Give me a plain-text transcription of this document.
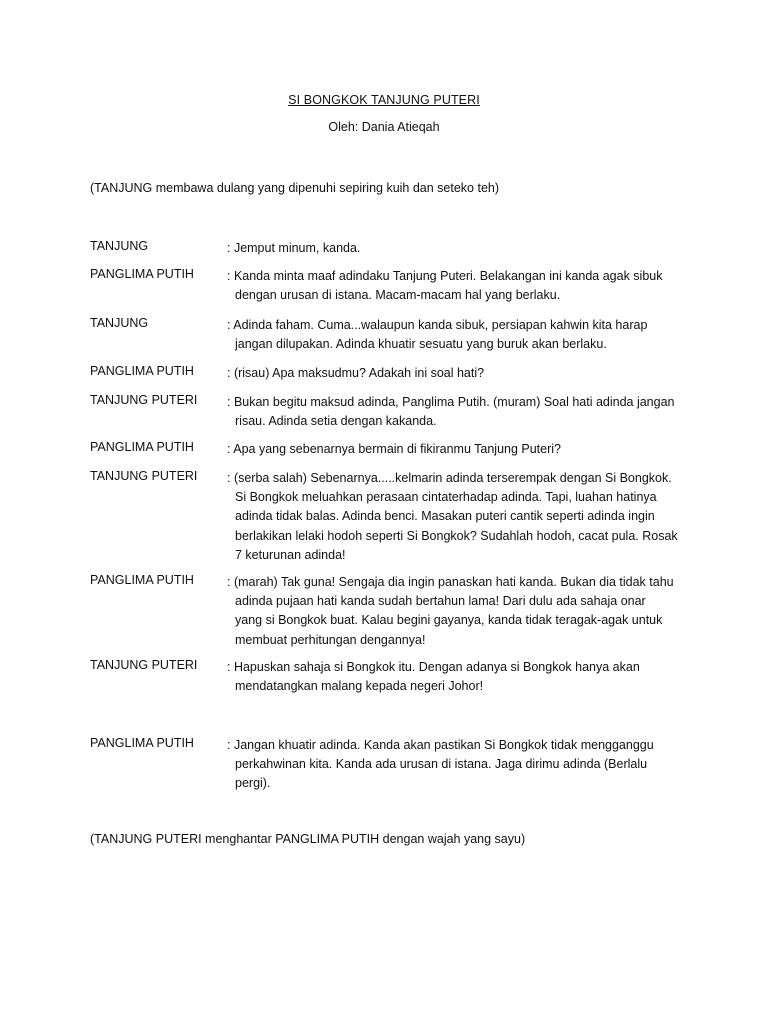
SI BONGKOK TANJUNG PUTERI
Oleh: Dania Atieqah
(TANJUNG membawa dulang yang dipenuhi sepiring kuih dan seteko teh)
TANJUNG	: Jemput minum, kanda.
PANGLIMA PUTIH	: Kanda minta maaf adindaku Tanjung Puteri. Belakangan ini kanda agak sibuk
dengan urusan di istana. Macam-macam hal yang berlaku.
TANJUNG	: Adinda faham. Cuma...walaupun kanda sibuk, persiapan kahwin kita harap
jangan dilupakan. Adinda khuatir sesuatu yang buruk akan berlaku.
PANGLIMA PUTIH	: (risau) Apa maksudmu? Adakah ini soal hati?
TANJUNG PUTERI : Bukan begitu maksud adinda, Panglima Putih. (muram) Soal hati adinda jangan
risau. Adinda setia dengan kakanda.
PANGLIMA PUTIH	: Apa yang sebenarnya bermain di fikiranmu Tanjung Puteri?
TANJUNG PUTERI : (serba salah) Sebenarnya.....kelmarin adinda terserempak dengan Si Bongkok.
Si Bongkok meluahkan perasaan cintaterhadap adinda. Tapi, luahan hatinya
adinda tidak balas. Adinda benci. Masakan puteri cantik seperti adinda ingin
berlakikan lelaki hodoh seperti Si Bongkok? Sudahlah hodoh, cacat pula. Rosak
7 keturunan adinda!
PANGLIMA PUTIH	: (marah) Tak guna! Sengaja dia ingin panaskan hati kanda. Bukan dia tidak tahu
adinda pujaan hati kanda sudah bertahun lama! Dari dulu ada sahaja onar
yang si Bongkok buat. Kalau begini gayanya, kanda tidak teragak-agak untuk
membuat perhitungan dengannya!
TANJUNG PUTERI : Hapuskan sahaja si Bongkok itu. Dengan adanya si Bongkok hanya akan
mendatangkan malang kepada negeri Johor!
PANGLIMA PUTIH	: Jangan khuatir adinda. Kanda akan pastikan Si Bongkok tidak mengganggu
perkahwinan kita. Kanda ada urusan di istana. Jaga dirimu adinda (Berlalu
pergi).
(TANJUNG PUTERI menghantar PANGLIMA PUTIH dengan wajah yang sayu)
